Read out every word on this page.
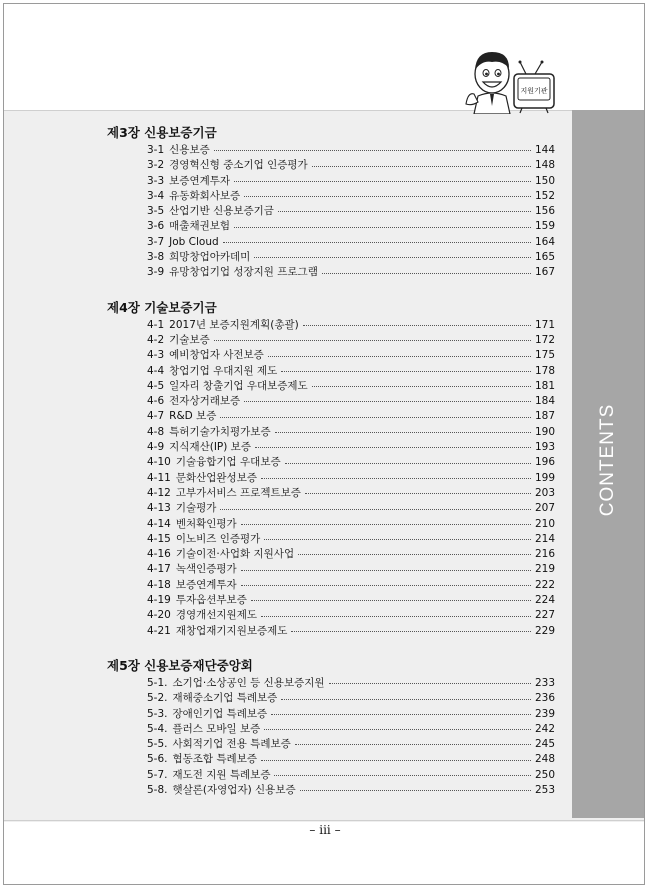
CONTENTS
지원기관
제3장 신용보증기금
3-1 신용보증	144
3-2 경영혁신형 중소기업 인증평가	148
3-3 보증연계투자	150
3-4 유동화회사보증	152
3-5 산업기반 신용보증기금	156
3-6 매출채권보험	159
3-7 Job Cloud	164
3-8 희망창업아카데미	165
3-9 유망창업기업 성장지원 프로그램	167
제4장 기술보증기금
4-1 2017년 보증지원계획(총괄)	171
4-2 기술보증	172
4-3 예비창업자 사전보증	175
4-4 창업기업 우대지원 제도	178
4-5 일자리 창출기업 우대보증제도	181
4-6 전자상거래보증	184
4-7 R&D 보증	187
4-8 특허기술가치평가보증	190
4-9 지식재산(IP) 보증	193
4-10 기술융합기업 우대보증	196
4-11 문화산업완성보증	199
4-12 고부가서비스 프로젝트보증	203
4-13 기술평가	207
4-14 벤처확인평가	210
4-15 이노비즈 인증평가	214
4-16 기술이전·사업화 지원사업	216
4-17 녹색인증평가	219
4-18 보증연계투자	222
4-19 투자옵션부보증	224
4-20 경영개선지원제도	227
4-21 재창업재기지원보증제도	229
제5장 신용보증재단중앙회
5-1. 소기업·소상공인 등 신용보증지원	233
5-2. 재해중소기업 특례보증	236
5-3. 장애인기업 특례보증	239
5-4. 플러스 모바일 보증	242
5-5. 사회적기업 전용 특례보증	245
5-6. 협동조합 특례보증	248
5-7. 재도전 지원 특례보증	250
5-8. 햇살론(자영업자) 신용보증	253
– iii –
